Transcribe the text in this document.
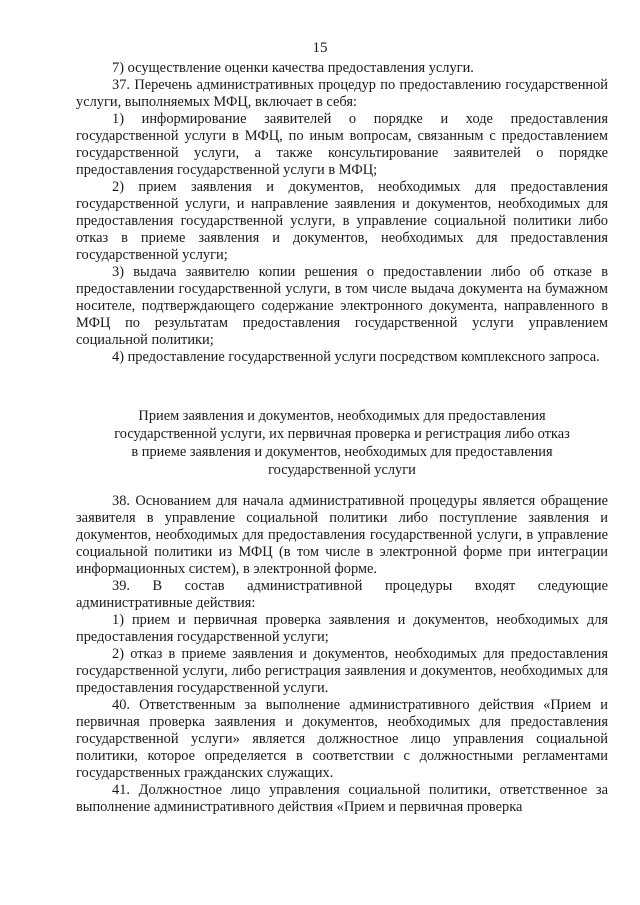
15

7) осуществление оценки качества предоставления услуги.

37. Перечень административных процедур по предоставлению государственной услуги, выполняемых МФЦ, включает в себя:

1) информирование заявителей о порядке и ходе предоставления государственной услуги в МФЦ, по иным вопросам, связанным с предоставлением государственной услуги, а также консультирование заявителей о порядке предоставления государственной услуги в МФЦ;

2) прием заявления и документов, необходимых для предоставления государственной услуги, и направление заявления и документов, необходимых для предоставления государственной услуги, в управление социальной политики либо отказ в приеме заявления и документов, необходимых для предоставления государственной услуги;

3) выдача заявителю копии решения о предоставлении либо об отказе в предоставлении государственной услуги, в том числе выдача документа на бумажном носителе, подтверждающего содержание электронного документа, направленного в МФЦ по результатам предоставления государственной услуги управлением социальной политики;

4) предоставление государственной услуги посредством комплексного запроса.

Прием заявления и документов, необходимых для предоставления
государственной услуги, их первичная проверка и регистрация либо отказ
в приеме заявления и документов, необходимых для предоставления
государственной услуги

38. Основанием для начала административной процедуры является обращение заявителя в управление социальной политики либо поступление заявления и документов, необходимых для предоставления государственной услуги, в управление социальной политики из МФЦ (в том числе в электронной форме при интеграции информационных систем), в электронной форме.

39. В состав административной процедуры входят следующие административные действия:

1) прием и первичная проверка заявления и документов, необходимых для предоставления государственной услуги;

2) отказ в приеме заявления и документов, необходимых для предоставления государственной услуги, либо регистрация заявления и документов, необходимых для предоставления государственной услуги.

40. Ответственным за выполнение административного действия «Прием и первичная проверка заявления и документов, необходимых для предоставления государственной услуги» является должностное лицо управления социальной политики, которое определяется в соответствии с должностными регламентами государственных гражданских служащих.

41. Должностное лицо управления социальной политики, ответственное за выполнение административного действия «Прием и первичная проверка
